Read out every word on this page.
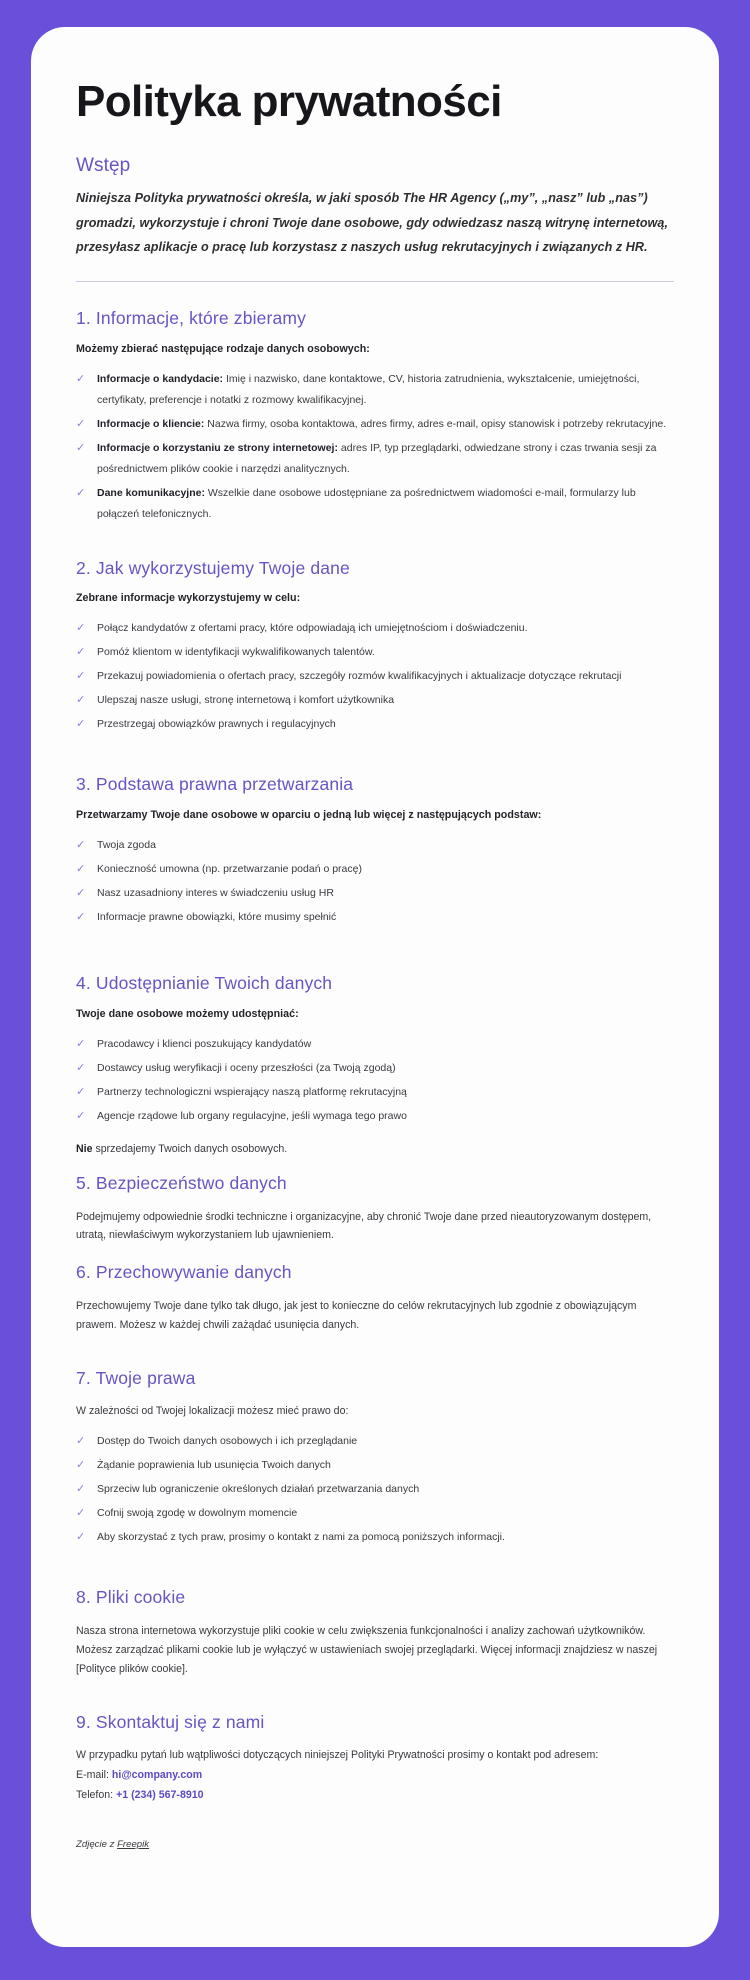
Polityka prywatności
Wstęp

Niniejsza Polityka prywatności określa, w jaki sposób The HR Agency („my”, „nasz” lub „nas”) gromadzi, wykorzystuje i chroni Twoje dane osobowe, gdy odwiedzasz naszą witrynę internetową, przesyłasz aplikacje o pracę lub korzystasz z naszych usług rekrutacyjnych i związanych z HR.

1. Informacje, które zbieramy

Możemy zbierać następujące rodzaje danych osobowych:

✓	Informacje o kandydacie: Imię i nazwisko, dane kontaktowe, CV, historia zatrudnienia, wykształcenie, umiejętności, certyfikaty, preferencje i notatki z rozmowy kwalifikacyjnej.
✓	Informacje o kliencie: Nazwa firmy, osoba kontaktowa, adres firmy, adres e-mail, opisy stanowisk i potrzeby rekrutacyjne.
✓	Informacje o korzystaniu ze strony internetowej: adres IP, typ przeglądarki, odwiedzane strony i czas trwania sesji za pośrednictwem plików cookie i narzędzi analitycznych.
✓	Dane komunikacyjne: Wszelkie dane osobowe udostępniane za pośrednictwem wiadomości e-mail, formularzy lub połączeń telefonicznych.
2. Jak wykorzystujemy Twoje dane

Zebrane informacje wykorzystujemy w celu:

✓	Połącz kandydatów z ofertami pracy, które odpowiadają ich umiejętnościom i doświadczeniu.
✓	Pomóż klientom w identyfikacji wykwalifikowanych talentów.
✓	Przekazuj powiadomienia o ofertach pracy, szczegóły rozmów kwalifikacyjnych i aktualizacje dotyczące rekrutacji
✓	Ulepszaj nasze usługi, stronę internetową i komfort użytkownika
✓	Przestrzegaj obowiązków prawnych i regulacyjnych
3. Podstawa prawna przetwarzania

Przetwarzamy Twoje dane osobowe w oparciu o jedną lub więcej z następujących podstaw:

✓	Twoja zgoda
✓	Konieczność umowna (np. przetwarzanie podań o pracę)
✓	Nasz uzasadniony interes w świadczeniu usług HR
✓	Informacje prawne obowiązki, które musimy spełnić
4. Udostępnianie Twoich danych

Twoje dane osobowe możemy udostępniać:

✓	Pracodawcy i klienci poszukujący kandydatów
✓	Dostawcy usług weryfikacji i oceny przeszłości (za Twoją zgodą)
✓	Partnerzy technologiczni wspierający naszą platformę rekrutacyjną
✓	Agencje rządowe lub organy regulacyjne, jeśli wymaga tego prawo

Nie sprzedajemy Twoich danych osobowych.

5. Bezpieczeństwo danych

Podejmujemy odpowiednie środki techniczne i organizacyjne, aby chronić Twoje dane przed nieautoryzowanym dostępem, utratą, niewłaściwym wykorzystaniem lub ujawnieniem.

6. Przechowywanie danych

Przechowujemy Twoje dane tylko tak długo, jak jest to konieczne do celów rekrutacyjnych lub zgodnie z obowiązującym prawem. Możesz w każdej chwili zażądać usunięcia danych.

7. Twoje prawa

W zależności od Twojej lokalizacji możesz mieć prawo do:

✓	Dostęp do Twoich danych osobowych i ich przeglądanie
✓	Żądanie poprawienia lub usunięcia Twoich danych
✓	Sprzeciw lub ograniczenie określonych działań przetwarzania danych
✓	Cofnij swoją zgodę w dowolnym momencie
✓	Aby skorzystać z tych praw, prosimy o kontakt z nami za pomocą poniższych informacji.
8. Pliki cookie

Nasza strona internetowa wykorzystuje pliki cookie w celu zwiększenia funkcjonalności i analizy zachowań użytkowników. Możesz zarządzać plikami cookie lub je wyłączyć w ustawieniach swojej przeglądarki. Więcej informacji znajdziesz w naszej [Polityce plików cookie].

9. Skontaktuj się z nami

W przypadku pytań lub wątpliwości dotyczących niniejszej Polityki Prywatności prosimy o kontakt pod adresem:

E-mail: hi@company.com

Telefon: +1 (234) 567-8910

Zdjęcie z Freepik
